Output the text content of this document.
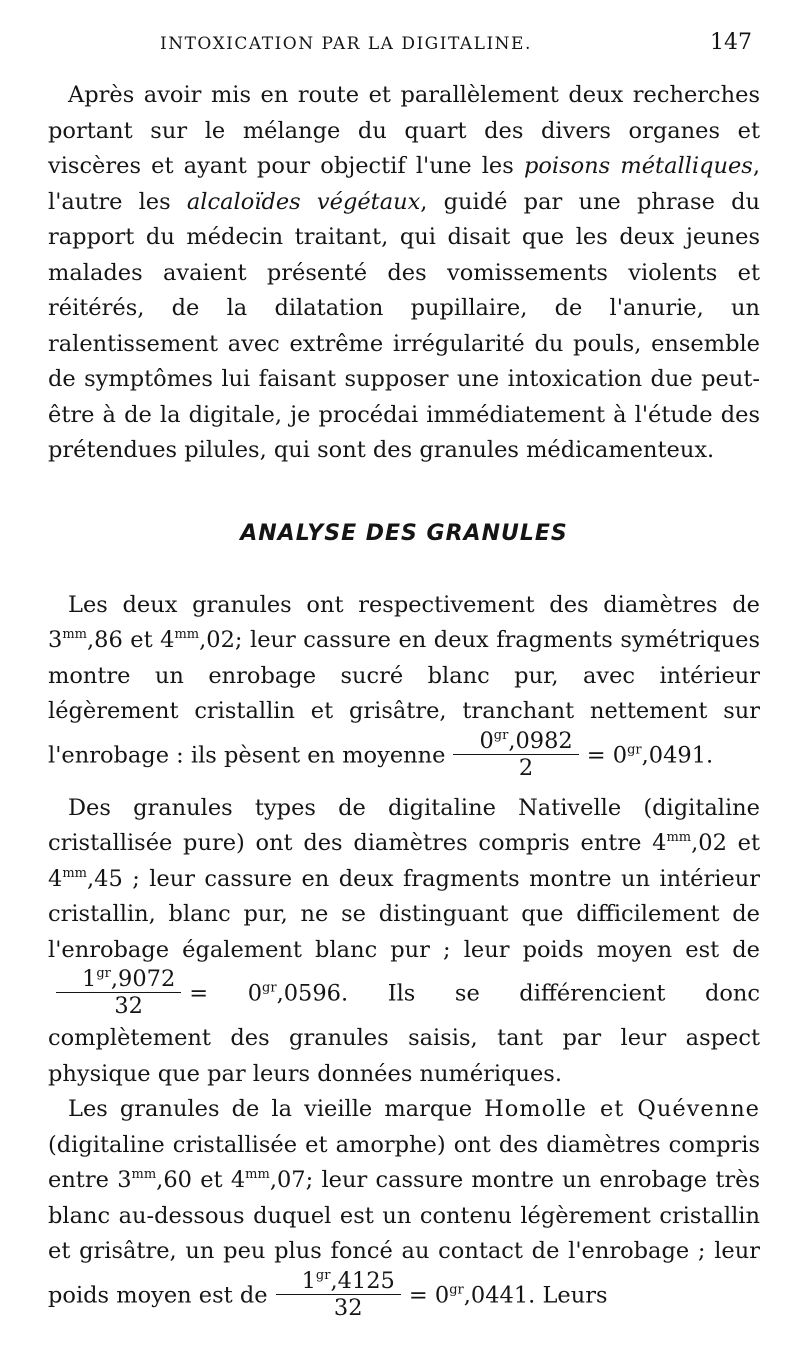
INTOXICATION PAR LA DIGITALINE.	147

Après avoir mis en route et parallèlement deux recherches portant sur le mélange du quart des divers organes et viscères et ayant pour objectif l'une les poisons métalliques, l'autre les alcaloïdes végétaux, guidé par une phrase du rapport du médecin traitant, qui disait que les deux jeunes malades avaient présenté des vomissements violents et réitérés, de la dilatation pupillaire, de l'anurie, un ralentissement avec extrême irrégularité du pouls, ensemble de symptômes lui faisant supposer une intoxication due peut-être à de la digitale, je procédai immédiatement à l'étude des prétendues pilules, qui sont des granules médicamenteux.

ANALYSE DES GRANULES

Les deux granules ont respectivement des diamètres de $3^{mm},86$ et $4^{mm},02$; leur cassure en deux fragments symétriques montre un enrobage sucré blanc pur, avec intérieur légèrement cristallin et grisâtre, tranchant nettement sur l'enrobage : ils pèsent en moyenne $\frac{0^{gr},0982}{2} = 0^{gr},0491$.

Des granules types de digitaline Nativelle (digitaline cristallisée pure) ont des diamètres compris entre $4^{mm},02$ et $4^{mm},45$ ; leur cassure en deux fragments montre un intérieur cristallin, blanc pur, ne se distinguant que difficilement de l'enrobage également blanc pur ; leur poids moyen est de
$\frac{1^{gr},9072}{32} = 0^{gr},0596$. Ils se différencient donc complètement des granules saisis, tant par leur aspect physique que par leurs données numériques.

Les granules de la vieille marque Homolle et Quévenne (digitaline cristallisée et amorphe) ont des diamètres compris entre $3^{mm},60$ et $4^{mm},07$; leur cassure montre un enrobage très blanc au-dessous duquel est un contenu légèrement cristallin et grisâtre, un peu plus foncé au contact de l'enrobage ; leur poids moyen est de $\frac{1^{gr},4125}{32} = 0^{gr},0441$. Leurs
